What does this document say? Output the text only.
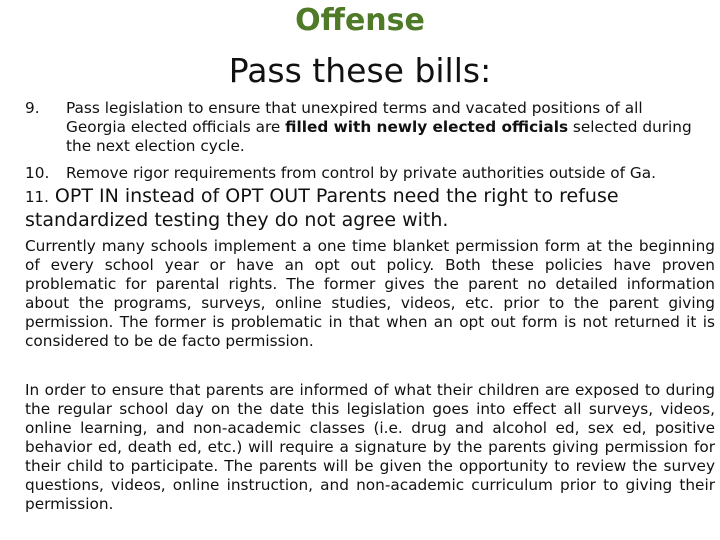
Offense
Pass these bills:
9. Pass legislation to ensure that unexpired terms and vacated positions of all Georgia elected officials are filled with newly elected officials selected during the next election cycle.
10. Remove rigor requirements from control by private authorities outside of Ga.
11. OPT IN instead of OPT OUT Parents need the right to refuse standardized testing they do not agree with.
Currently many schools implement a one time blanket permission form at the beginning of every school year or have an opt out policy. Both these policies have proven problematic for parental rights. The former gives the parent no detailed information about the programs, surveys, online studies, videos, etc. prior to the parent giving permission. The former is problematic in that when an opt out form is not returned it is considered to be de facto permission.
In order to ensure that parents are informed of what their children are exposed to during the regular school day on the date this legislation goes into effect all surveys, videos, online learning, and non-academic classes (i.e. drug and alcohol ed, sex ed, positive behavior ed, death ed, etc.) will require a signature by the parents giving permission for their child to participate. The parents will be given the opportunity to review the survey questions, videos, online instruction, and non-academic curriculum prior to giving their permission.
